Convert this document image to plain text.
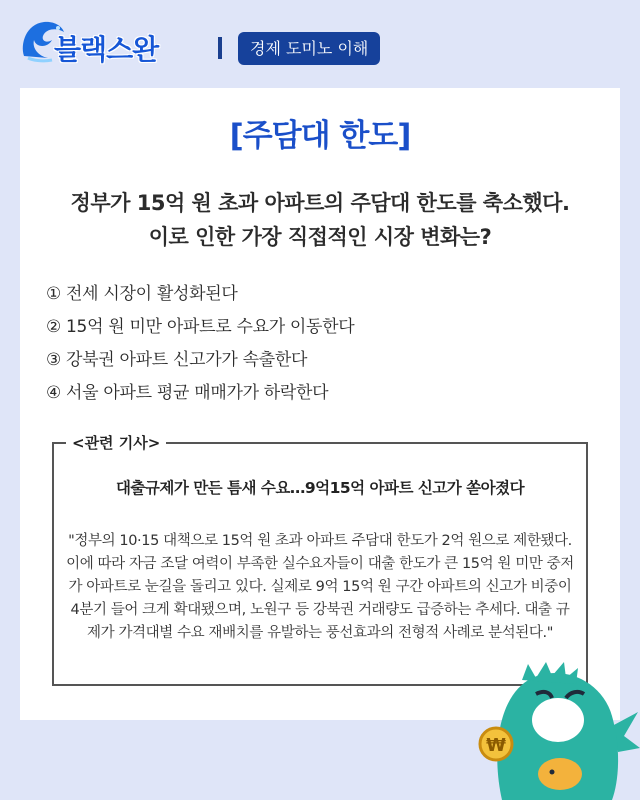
블랙스완	경제 도미노 이해
[주담대 한도]
정부가 15억 원 초과 아파트의 주담대 한도를 축소했다.
이로 인한 가장 직접적인 시장 변화는?
① 전세 시장이 활성화된다
② 15억 원 미만 아파트로 수요가 이동한다
③ 강북권 아파트 신고가가 속출한다
④ 서울 아파트 평균 매매가가 하락한다
<관련 기사>
대출규제가 만든 틈새 수요…9억15억 아파트 신고가 쏟아졌다
"정부의 10·15 대책으로 15억 원 초과 아파트 주담대 한도가 2억 원으로 제한됐다. 이에 따라 자금 조달 여력이 부족한 실수요자들이 대출 한도가 큰 15억 원 미만 중저가 아파트로 눈길을 돌리고 있다. 실제로 9억 15억 원 구간 아파트의 신고가 비중이 4분기 들어 크게 확대됐으며, 노원구 등 강북권 거래량도 급증하는 추세다. 대출 규제가 가격대별 수요 재배치를 유발하는 풍선효과의 전형적 사례로 분석된다."
₩
